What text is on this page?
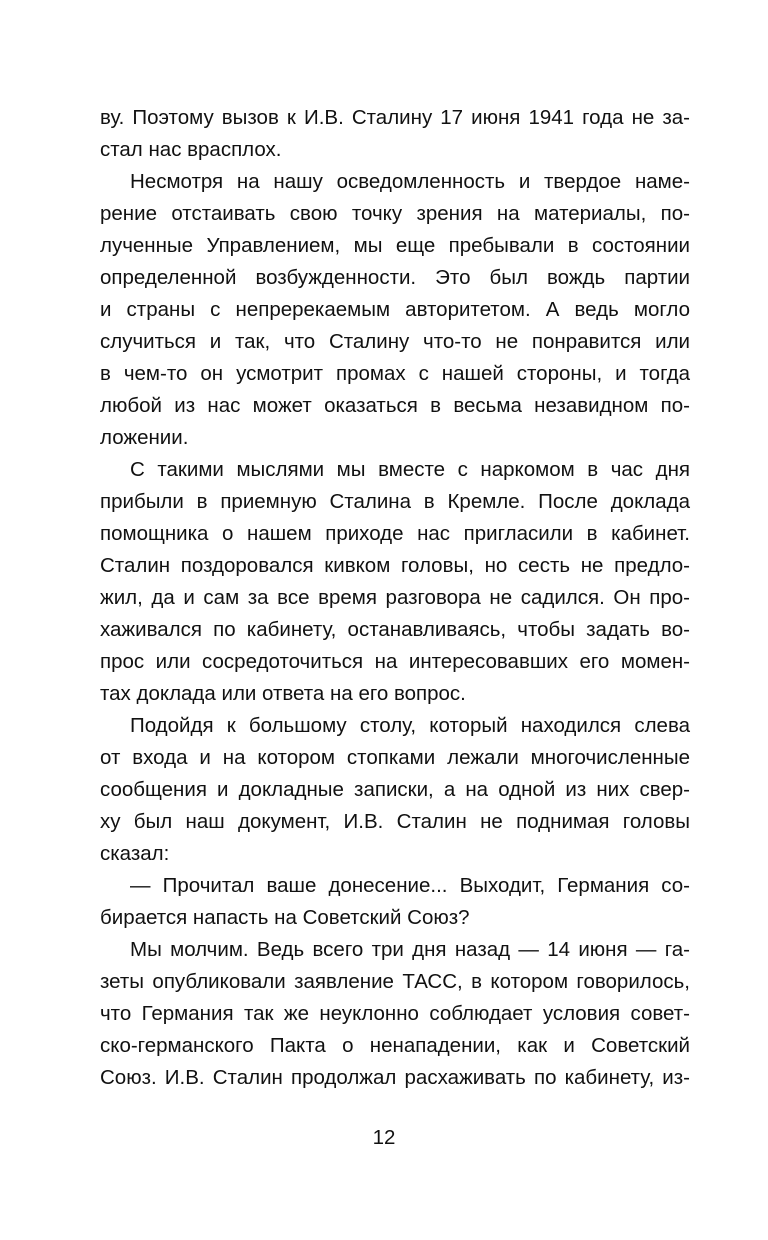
ву. Поэтому вызов к И.В. Сталину 17 июня 1941 года не за-
стал нас врасплох.
Несмотря на нашу осведомленность и твердое наме-
рение отстаивать свою точку зрения на материалы, по-
лученные Управлением, мы еще пребывали в состоянии
определенной возбужденности. Это был вождь партии
и страны с непререкаемым авторитетом. А ведь могло
случиться и так, что Сталину что-то не понравится или
в чем-то он усмотрит промах с нашей стороны, и тогда
любой из нас может оказаться в весьма незавидном по-
ложении.
С такими мыслями мы вместе с наркомом в час дня
прибыли в приемную Сталина в Кремле. После доклада
помощника о нашем приходе нас пригласили в кабинет.
Сталин поздоровался кивком головы, но сесть не предло-
жил, да и сам за все время разговора не садился. Он про-
хаживался по кабинету, останавливаясь, чтобы задать во-
прос или сосредоточиться на интересовавших его момен-
тах доклада или ответа на его вопрос.
Подойдя к большому столу, который находился слева
от входа и на котором стопками лежали многочисленные
сообщения и докладные записки, а на одной из них свер-
ху был наш документ, И.В. Сталин не поднимая головы
сказал:
— Прочитал ваше донесение... Выходит, Германия со-
бирается напасть на Советский Союз?
Мы молчим. Ведь всего три дня назад — 14 июня — га-
зеты опубликовали заявление ТАСС, в котором говорилось,
что Германия так же неуклонно соблюдает условия совет-
ско-германского Пакта о ненападении, как и Советский
Союз. И.В. Сталин продолжал расхаживать по кабинету, из-
12
